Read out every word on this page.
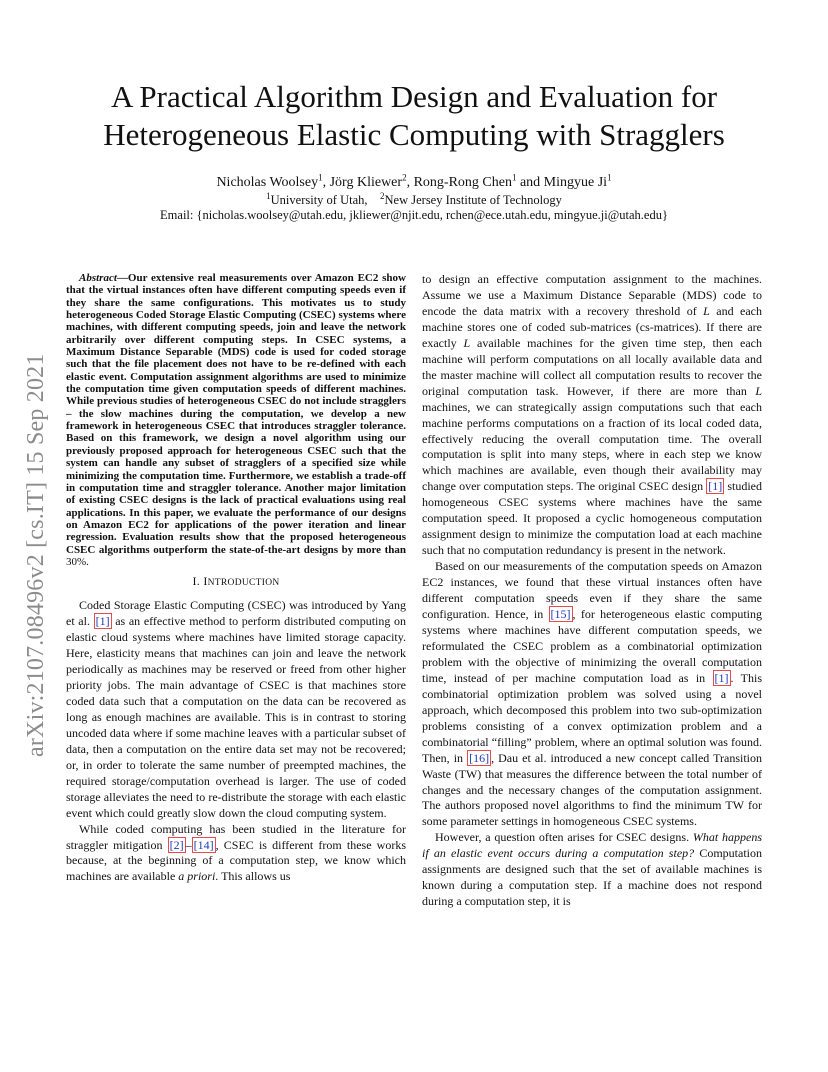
A Practical Algorithm Design and Evaluation for
Heterogeneous Elastic Computing with Stragglers
Nicholas Woolsey$^1$, Jörg Kliewer$^2$, Rong-Rong Chen$^1$ and Mingyue Ji$^1$
$^1$University of Utah, $^2$New Jersey Institute of Technology
Email: {nicholas.woolsey@utah.edu, jkliewer@njit.edu, rchen@ece.utah.edu, mingyue.ji@utah.edu}
arXiv:2107.08496v2 [cs.IT] 15 Sep 2021
Abstract—Our extensive real measurements over Amazon EC2 show that the virtual instances often have different computing speeds even if they share the same configurations. This motivates us to study heterogeneous Coded Storage Elastic Computing (CSEC) systems where machines, with different computing speeds, join and leave the network arbitrarily over different computing steps. In CSEC systems, a Maximum Distance Separable (MDS) code is used for coded storage such that the file placement does not have to be re-defined with each elastic event. Computation assignment algorithms are used to minimize the computation time given computation speeds of different machines. While previous studies of heterogeneous CSEC do not include stragglers – the slow machines during the computation, we develop a new framework in heterogeneous CSEC that introduces straggler tolerance. Based on this framework, we design a novel algorithm using our previously proposed approach for heterogeneous CSEC such that the system can handle any subset of stragglers of a specified size while minimizing the computation time. Furthermore, we establish a trade-off in computation time and straggler tolerance. Another major limitation of existing CSEC designs is the lack of practical evaluations using real applications. In this paper, we evaluate the performance of our designs on Amazon EC2 for applications of the power iteration and linear regression. Evaluation results show that the proposed heterogeneous CSEC algorithms outperform the state-of-the-art designs by more than 30%.
I. INTRODUCTION

Coded Storage Elastic Computing (CSEC) was introduced by Yang et al. [1] as an effective method to perform distributed computing on elastic cloud systems where machines have limited storage capacity. Here, elasticity means that machines can join and leave the network periodically as machines may be reserved or freed from other higher priority jobs. The main advantage of CSEC is that machines store coded data such that a computation on the data can be recovered as long as enough machines are available. This is in contrast to storing uncoded data where if some machine leaves with a particular subset of data, then a computation on the entire data set may not be recovered; or, in order to tolerate the same number of preempted machines, the required storage/computation overhead is larger. The use of coded storage alleviates the need to re-distribute the storage with each elastic event which could greatly slow down the cloud computing system.

While coded computing has been studied in the literature for straggler mitigation [2] – [14] , CSEC is different from these works because, at the beginning of a computation step, we know which machines are available a priori. This allows us

to design an effective computation assignment to the machines. Assume we use a Maximum Distance Separable (MDS) code to encode the data matrix with a recovery threshold of L and each machine stores one of coded sub-matrices (cs-matrices). If there are exactly L available machines for the given time step, then each machine will perform computations on all locally available data and the master machine will collect all computation results to recover the original computation task. However, if there are more than L machines, we can strategically assign computations such that each machine performs computations on a fraction of its local coded data, effectively reducing the overall computation time. The overall computation is split into many steps, where in each step we know which machines are available, even though their availability may change over computation steps. The original CSEC design [1] studied homogeneous CSEC systems where machines have the same computation speed. It proposed a cyclic homogeneous computation assignment design to minimize the computation load at each machine such that no computation redundancy is present in the network.

Based on our measurements of the computation speeds on Amazon EC2 instances, we found that these virtual instances often have different computation speeds even if they share the same configuration. Hence, in [15] , for heterogeneous elastic computing systems where machines have different computation speeds, we reformulated the CSEC problem as a combinatorial optimization problem with the objective of minimizing the overall computation time, instead of per machine computation load as in [1] . This combinatorial optimization problem was solved using a novel approach, which decomposed this problem into two sub-optimization problems consisting of a convex optimization problem and a combinatorial “filling” problem, where an optimal solution was found. Then, in [16] , Dau et al. introduced a new concept called Transition Waste (TW) that measures the difference between the total number of changes and the necessary changes of the computation assignment. The authors proposed novel algorithms to find the minimum TW for some parameter settings in homogeneous CSEC systems.

However, a question often arises for CSEC designs. What happens if an elastic event occurs during a computation step? Computation assignments are designed such that the set of available machines is known during a computation step. If a machine does not respond during a computation step, it is
